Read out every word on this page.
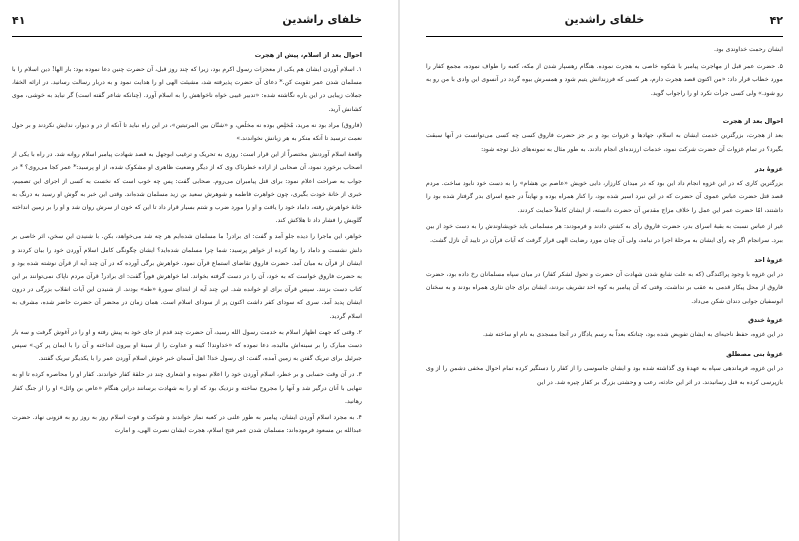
۴۱	خلفای راشدین
احوال بعد از اسلام، پیش از هجرت

۱. اسلام آوردن ایشان هم یکی از معجزات رسول اکرم بود، زیرا که چند روز قبل، آن حضرت چنین دعا نموده بود: بار الها! دین اسلام را با مسلمان شدن عمر تقویت کن.* دعای آن حضرت پذیرفته شد، مشیئت الهی او را هدایت نمود و به دربار رسالت رسانید. در ارائه الخفا، جملات زیبایی در این باره نگاشته شده: «تدبیر غیبی خواه ناخواهش را به اسلام آورد. (چنانکه شاعر گفته است) گر نباید به خوشی، موی کشانش آرید.

(فاروق) مراد بود نه مرید، مُخلِص بوده نه مخلَص، و «شنّان بین المرتبتین»، در این راه نباید تا آنکه از در و دیوار، ندایش نکردند و بر حول نعمت ترسید تا آنکه منکر به هر زبانش نخواندند.»

واقعهٔ اسلام آوردنش مختصراً از این قرار است: روزی به تحریک و ترغیب ابوجهل به قصد شهادت پیامبر اسلام روانه شد. در راه با یکی از اصحاب برخورد نمود، آن صحابی از اراده خطرناک وی که از دیگر وضعیت ظاهری او مشکوک شده، از او پرسید:* عمر کجا می‌روی؟ * در جواب به صراحت اعلام نمود: برای قتل پیامبران می‌روم. صحابی گفت: پس چه خوب است که نخست به کسی از اجرای این تصمیم، خبری از خانهٔ خودت بگیری، چون خواهرت فاطمه و شوهرش سعید بن زید مسلمان شده‌اند. وقتی این خبر به گوش او رسید به درنگ به خانهٔ خواهرش رفته، داماد خود را یافت و او را مورد ضرب و شتم بسیار قرار داد تا این که خون از سرش روان شد و او را بر زمین انداخته گلویش را فشار داد تا هلاکش کند.

خواهر، این ماجرا را دیده جلو آمد و گفت: ای برادر! ما مسلمان شده‌ایم هر چه شد می‌خواهد، بکن. با شنیدن این سخن، اثر خاصی بر دلش نشست و داماد را رها کرده از خواهر پرسید: شما چرا مسلمان شده‌اید؟ ایشان چگونگی کامل اسلام آوردن خود را بیان کردند و ایشان از قرآن به میان آمد. حضرت فاروق تقاضای استماع قرآن نمود. خواهرش برگی آورده که در آن چند آیه از قرآن نوشته شده بود و به حضرت فاروق خواست که به خود، آن را در دست گرفته بخواند. اما خواهرش فوراً گفت: ای برادر! قرآن مردم ناپاک نمی‌توانند بر این کتاب دست بزنند. سپس قرآن برای او خوانده شد. این چند آیه از ابتدای سورهٔ «طه» بودند. از شنیدن این آیات انقلاب بزرگی در درون ایشان پدید آمد. سری که سودای کفر داشت اکنون پر از سودای اسلام است. همان زمان در محضر آن حضرت حاضر شده، مشرف به اسلام گردید.

۲. وقتی که جهت اظهار اسلام به خدمت رسول الله رسید، آن حضرت چند قدم از جای خود به پیش رفته و او را در آغوش گرفت و سه بار دست مبارک را بر سینه‌اش مالیده، دعا نموده که «خداوندا! کینه و عداوت را از سینهٔ او بیرون انداخته و آن را با ایمان پر کن.» سپس جبرئیل برای تبریک گفتن به زمین آمده، گفت: ای رسول خدا! اهل آسمان خبر خوش اسلام آوردن عمر را با یکدیگر تبریک گفتند.

۳. در آن وقت حسابی و بر خطر، اسلام آوردن خود را اعلام نموده و اشعاری چند در حلقهٔ کفار خواندند. کفار او را محاصره کرده تا او به تنهایی با آنان درگیر شد و آنها را مجروح ساخته و نزدیک بود که او را به شهادت برسانند دراین هنگام «عاص بن وائل» او را از جنگ کفار رهانید.

۴. به مجرد اسلام آوردن ایشان، پیامبر به طور علنی در کعبه نماز خواندند و شوکت و قوت اسلام روز به روز رو به فزونی نهاد. حضرت عبدالله بن مسعود فرموده‌اند: مسلمان شدن عمر فتح اسلام، هجرت ایشان نصرت الهی، و امارت

۴۲
خلفای راشدین

ایشان رحمت خداوندی بود.

۵. حضرت عمر قبل از مهاجرت پیامبر با شکوه خاصی به هجرت نموده. هنگام رهسپار شدن از مکه، کعبه را طواف نموده، مجمع کفار را مورد خطاب قرار داد: «من اکنون قصد هجرت دارم، هر کسی که فرزندانش یتیم شود و همسرش بیوه گردد در آنسوی این وادی با من رو به رو شود.» ولی کسی جرأت نکرد او را راجواب گوید.

احوال بعد از هجرت

بعد از هجرت، بزرگترین خدمت ایشان به اسلام، جهادها و غزوات بود و بر جز حضرت فاروق کسی چه کسی می‌توانست در آنها سبقت بگیرد؟ در تمام غزوات آن حضرت شرکت نمود، خدمات ارزنده‌ای انجام دادند. به طور مثال به نمونه‌های ذیل توجه شود:

غزوهٔ بدر

بزرگترین کاری که در این غزوه انجام داد این بود که در میدان کارزار، دایی خویش «عاصم بن هشام» را به دست خود نابود ساخت. مردم قصد قتل حضرت عباس عموی آن حضرت که در این نبرد اسیر شده بود، را کنار همراه بوده و نهایتاً در جمع اسرای بدر گرفتار شده بود را داشتند، امّا حضرت عمر این عمل را خلاف مزاج مقدس آن حضرت دانسته، از ایشان کاملاً حمایت کردند.

غیر از عباس نسبت به بقیهٔ اسرای بدر، حضرت فاروق رأی به کشتن دادند و فرمودند: هر مسلمانی باید خویشاوندش را به دست خود از بین ببرد. سرانجام اگر چه رأی ایشان به مرحلهٔ اجرا در نیامد، ولی آن چنان مورد رضایت الهی قرار گرفت که آیات قرآن در تایید آن نازل گشت.

غزوهٔ احد

در این غزوه با وجود پراکندگی (که به علت شایع شدن شهادت آن حضرت و تحول لشکر کفار) در میان سپاه مسلمانان رخ داده بود، حضرت فاروق از محل پیکار قدمی به عقب بر نداشت. وقتی که آن پیامبر به کوه احد تشریف بردند، ایشان برای جان نثاری همراه بودند و به سخنان ابوسفیان جوابی دندان شکن می‌داد.

غزوهٔ خندق

در این غزوه، حفظ ناحیه‌ای به ایشان تفویض شده بود، چنانکه بعداً به رسم یادگار در آنجا مسجدی به نام او ساخته شد.

غزوهٔ بنی مصطلق

در این غزوه، فرماندهی سپاه به عهدهٔ وی گذاشته شده بود و ایشان جاسوسی را از کفار را دستگیر کرده تمام احوال مخفی دشمن را از وی بازپرسی کرده به قتل رسانیدند. در اثر این حادثه، رعب و وحشتی بزرگ بر کفار چیره شد. در این
